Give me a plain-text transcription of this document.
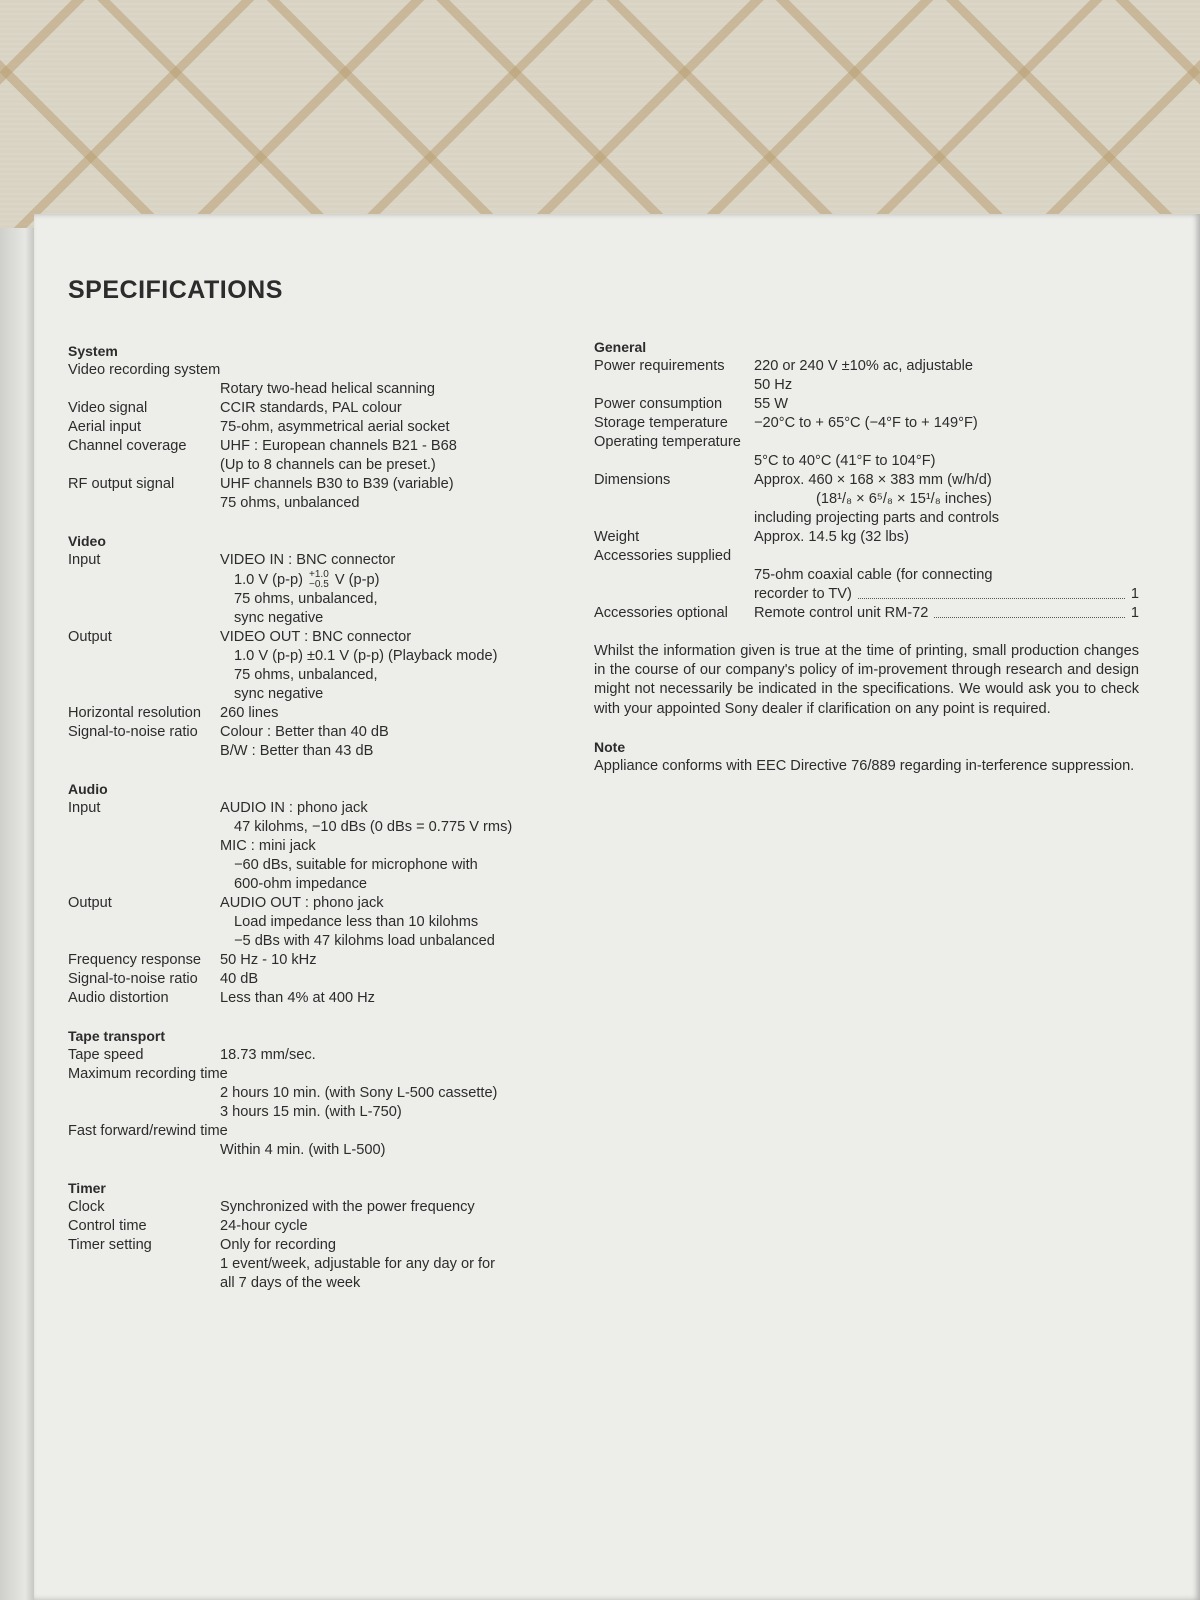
SPECIFICATIONS
System
Video recording system
Rotary two-head helical scanning
Video signal	CCIR standards, PAL colour
Aerial input	75-ohm, asymmetrical aerial socket
Channel coverage	UHF : European channels B21 - B68
(Up to 8 channels can be preset.)
RF output signal	UHF channels B30 to B39 (variable)
75 ohms, unbalanced
Video
Input	VIDEO IN : BNC connector
1.0 V (p-p) +1.0
−0.5 V (p-p)
75 ohms, unbalanced,
sync negative
Output	VIDEO OUT : BNC connector
1.0 V (p-p) ±0.1 V (p-p) (Playback mode)
75 ohms, unbalanced,
sync negative
Horizontal resolution	260 lines
Signal-to-noise ratio	Colour : Better than 40 dB
B/W : Better than 43 dB
Audio
Input	AUDIO IN : phono jack
47 kilohms, −10 dBs (0 dBs = 0.775 V rms)
MIC : mini jack
−60 dBs, suitable for microphone with
600-ohm impedance
Output	AUDIO OUT : phono jack
Load impedance less than 10 kilohms
−5 dBs with 47 kilohms load unbalanced
Frequency response	50 Hz - 10 kHz
Signal-to-noise ratio	40 dB
Audio distortion	Less than 4% at 400 Hz
Tape transport
Tape speed	18.73 mm/sec.
Maximum recording time
2 hours 10 min. (with Sony L-500 cassette)
3 hours 15 min. (with L-750)
Fast forward/rewind time
Within 4 min. (with L-500)
Timer
Clock	Synchronized with the power frequency
Control time	24-hour cycle
Timer setting	Only for recording
1 event/week, adjustable for any day or for
all 7 days of the week
General
Power requirements	220 or 240 V ±10% ac, adjustable
50 Hz
Power consumption	55 W
Storage temperature	−20°C to + 65°C (−4°F to + 149°F)
Operating temperature
5°C to 40°C (41°F to 104°F)
Dimensions	Approx. 460 × 168 × 383 mm (w/h/d)
(18¹/₈ × 6⁵/₈ × 15¹/₈ inches)
including projecting parts and controls
Weight	Approx. 14.5 kg (32 lbs)
Accessories supplied
75-ohm coaxial cable (for connecting
recorder to TV)	1
Accessories optional	Remote control unit RM-72	1
Whilst the information given is true at the time of printing, small production changes in the course of our company's policy of im-provement through research and design might not necessarily be indicated in the specifications. We would ask you to check with your appointed Sony dealer if clarification on any point is required.
Note
Appliance conforms with EEC Directive 76/889 regarding in-terference suppression.
